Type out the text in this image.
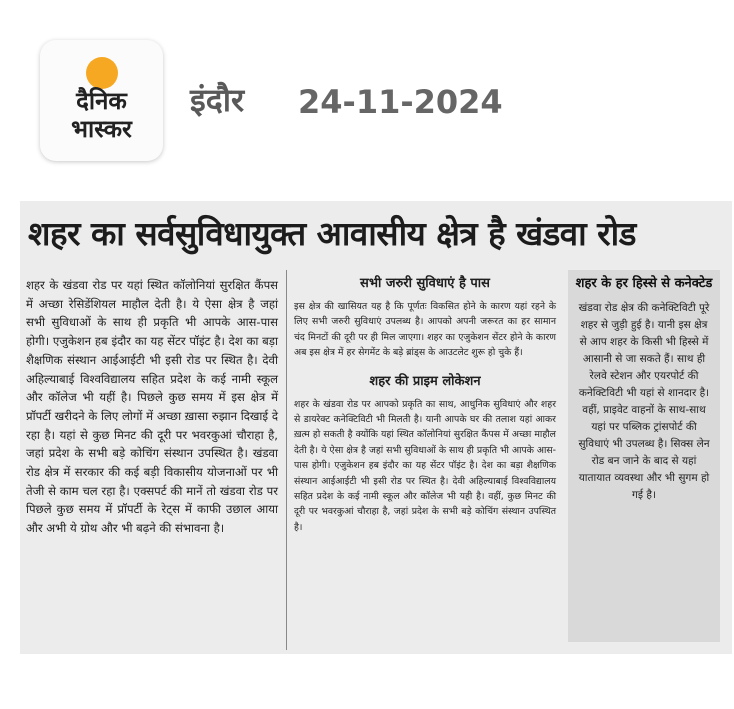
दैनिक
भास्कर
इंदौर 24-11-2024
शहर का सर्वसुविधायुक्त आवासीय क्षेत्र है खंडवा रोड

शहर के खंडवा रोड पर यहां स्थित कॉलोनियां सुरक्षित कैंपस में अच्छा रेसिडेंशियल माहौल देती है। ये ऐसा क्षेत्र है जहां सभी सुविधाओं के साथ ही प्रकृति भी आपके आस-पास होगी। एजुकेशन हब इंदौर का यह सेंटर पॉइंट है। देश का बड़ा शैक्षणिक संस्थान आईआईटी भी इसी रोड पर स्थित है। देवी अहिल्याबाई विश्वविद्यालय सहित प्रदेश के कई नामी स्कूल और कॉलेज भी यहीं है। पिछले कुछ समय में इस क्षेत्र में प्रॉपर्टी खरीदने के लिए लोगों में अच्छा ख़ासा रुझान दिखाई दे रहा है। यहां से कुछ मिनट की दूरी पर भवरकुआं चौराहा है, जहां प्रदेश के सभी बड़े कोचिंग संस्थान उपस्थित है। खंडवा रोड क्षेत्र में सरकार की कई बड़ी विकासीय योजनाओं पर भी तेजी से काम चल रहा है। एक्सपर्ट की मानें तो खंडवा रोड पर पिछले कुछ समय में प्रॉपर्टी के रेट्स में काफी उछाल आया और अभी ये ग्रोथ और भी बढ़ने की संभावना है।

सभी जरुरी सुविधाएं है पास

इस क्षेत्र की खासियत यह है कि पूर्णतः विकसित होने के कारण यहां रहने के लिए सभी जरुरी सुविधाएं उपलब्ध है। आपको अपनी जरूरत का हर सामान चंद मिनटों की दूरी पर ही मिल जाएगा। शहर का एजुकेशन सेंटर होने के कारण अब इस क्षेत्र में हर सेगमेंट के बड़े ब्रांड्स के आउटलेट शुरू हो चुके हैं।

शहर की प्राइम लोकेशन

शहर के खंडवा रोड पर आपको प्रकृति का साथ, आधुनिक सुविधाएं और शहर से डायरेक्ट कनेक्टिविटी भी मिलती है। यानी आपके घर की तलाश यहां आकर ख़त्म हो सकती है क्योंकि यहां स्थित कॉलोनियां सुरक्षित कैंपस में अच्छा माहौल देती है। ये ऐसा क्षेत्र है जहां सभी सुविधाओं के साथ ही प्रकृति भी आपके आस-पास होगी। एजुकेशन हब इंदौर का यह सेंटर पॉइंट है। देश का बड़ा शैक्षणिक संस्थान आईआईटी भी इसी रोड पर स्थित है। देवी अहिल्याबाई विश्वविद्यालय सहित प्रदेश के कई नामी स्कूल और कॉलेज भी यही है। वहीं, कुछ मिनट की दूरी पर भवरकुआं चौराहा है, जहां प्रदेश के सभी बड़े कोचिंग संस्थान उपस्थित है।

शहर के हर हिस्से से कनेक्टेड

खंडवा रोड क्षेत्र की कनेक्टिविटी पूरे शहर से जुड़ी हुई है। यानी इस क्षेत्र से आप शहर के किसी भी हिस्से में आसानी से जा सकते हैं। साथ ही रेलवे स्टेशन और एयरपोर्ट की कनेक्टिविटी भी यहां से शानदार है। वहीं, प्राइवेट वाहनों के साथ-साथ यहां पर पब्लिक ट्रांसपोर्ट की सुविधाएं भी उपलब्ध है। सिक्स लेन रोड बन जाने के बाद से यहां यातायात व्यवस्था और भी सुगम हो गई है।
